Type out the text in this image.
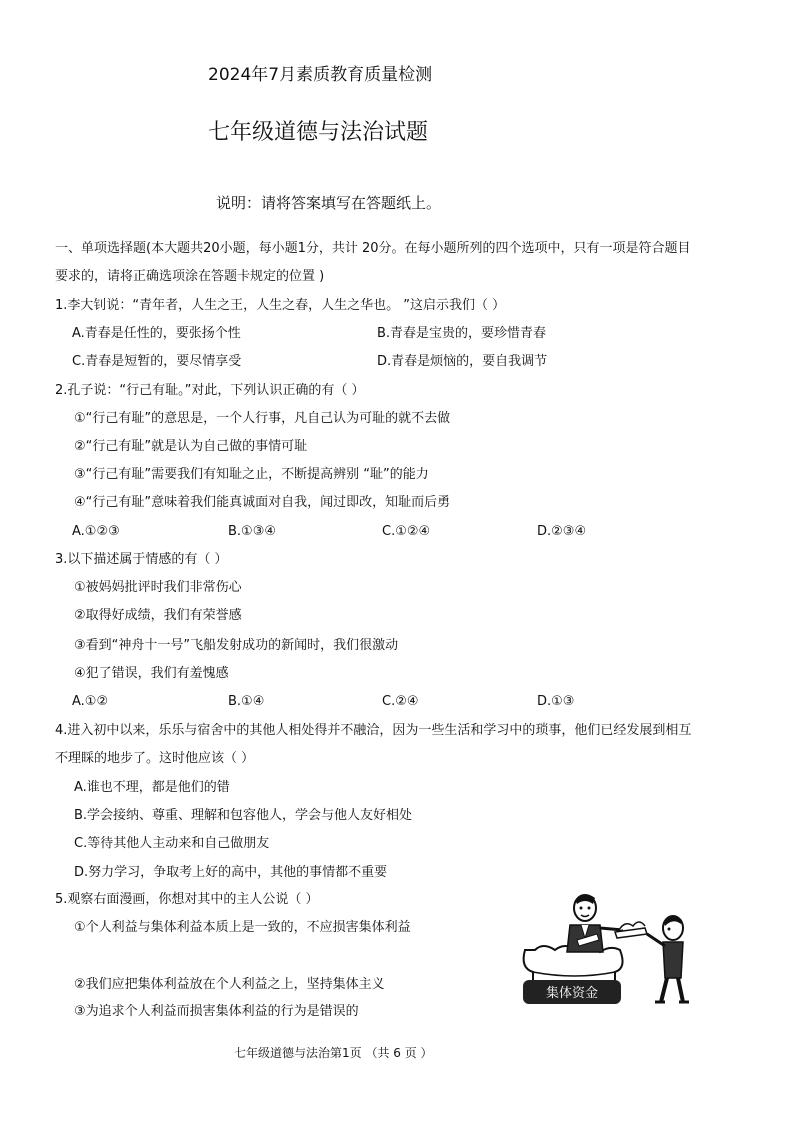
2024年7月素质教育质量检测
七年级道德与法治试题
说明：请将答案填写在答题纸上。
一、单项选择题(本大题共20小题，每小题1分，共计 20分。在每小题所列的四个选项中，只有一项是符合题目
要求的，请将正确选项涂在答题卡规定的位置 )
1.李大钊说：“青年者，人生之王，人生之春，人生之华也。 ”这启示我们（ ）
A.青春是任性的，要张扬个性	B.青春是宝贵的，要珍惜青春
C.青春是短暂的，要尽情享受	D.青春是烦恼的，要自我调节
2.孔子说：“行己有耻。”对此，下列认识正确的有（ ）
①“行己有耻”的意思是，一个人行事，凡自己认为可耻的就不去做
②“行己有耻”就是认为自己做的事情可耻
③“行己有耻”需要我们有知耻之止，不断提高辨别 “耻”的能力
④“行己有耻”意味着我们能真诚面对自我，闻过即改，知耻而后勇
A.①②③	B.①③④	C.①②④	D.②③④
3.以下描述属于情感的有（ ）
①被妈妈批评时我们非常伤心
②取得好成绩，我们有荣誉感
③看到“神舟十一号”飞船发射成功的新闻时，我们很激动
④犯了错误，我们有羞愧感
A.①②	B.①④	C.②④	D.①③
4.进入初中以来，乐乐与宿舍中的其他人相处得并不融洽，因为一些生活和学习中的琐事，他们已经发展到相互
不理睬的地步了。这时他应该（ ）
A.谁也不理，都是他们的错
B.学会接纳、尊重、理解和包容他人，学会与他人友好相处
C.等待其他人主动来和自己做朋友
D.努力学习，争取考上好的高中，其他的事情都不重要
5.观察右面漫画，你想对其中的主人公说（ ）
①个人利益与集体利益本质上是一致的，不应损害集体利益
②我们应把集体利益放在个人利益之上，坚持集体主义
③为追求个人利益而损害集体利益的行为是错误的
集体资金
七年级道德与法治第1页 （共 6 页 ）
